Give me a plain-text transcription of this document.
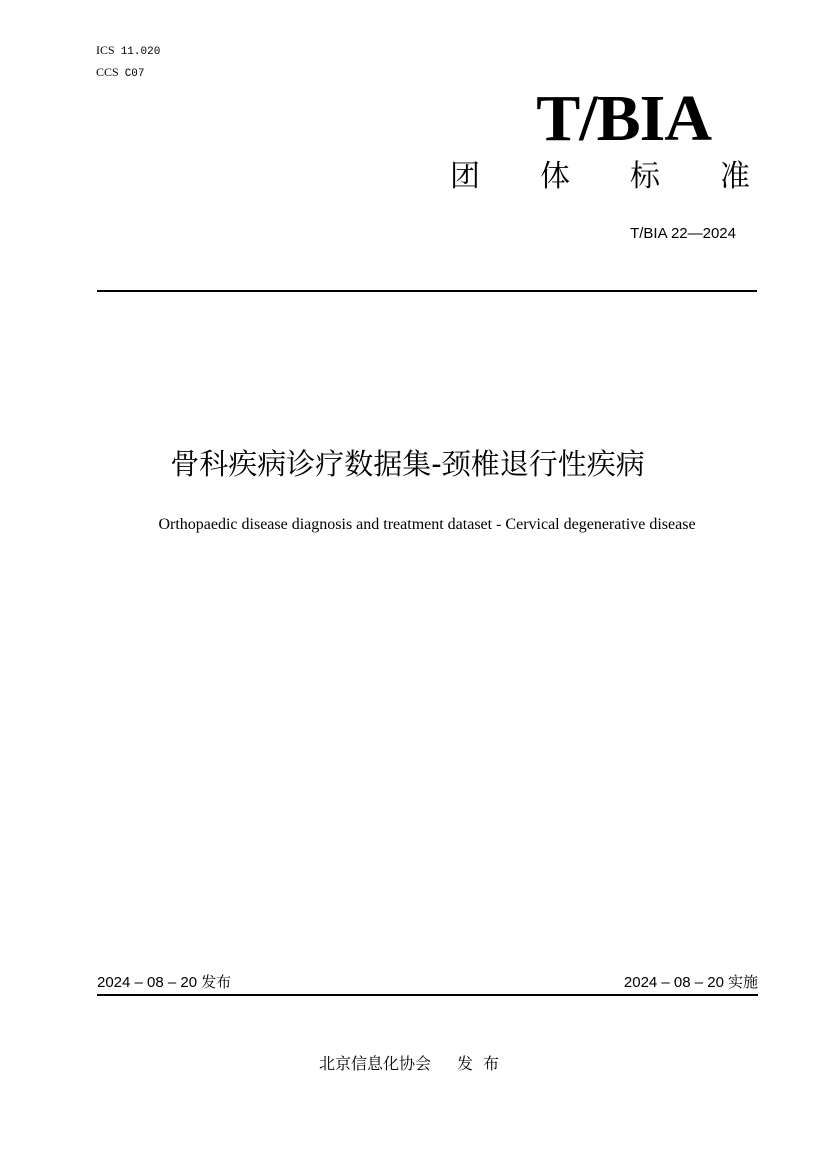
ICS 11.020
CCS C07
T/BIA
团 体 标 准
T/BIA 22—2024
骨科疾病诊疗数据集-颈椎退行性疾病
Orthopaedic disease diagnosis and treatment dataset - Cervical degenerative disease
2024 – 08 – 20 发布	2024 – 08 – 20 实施
北京信息化协会 发布
